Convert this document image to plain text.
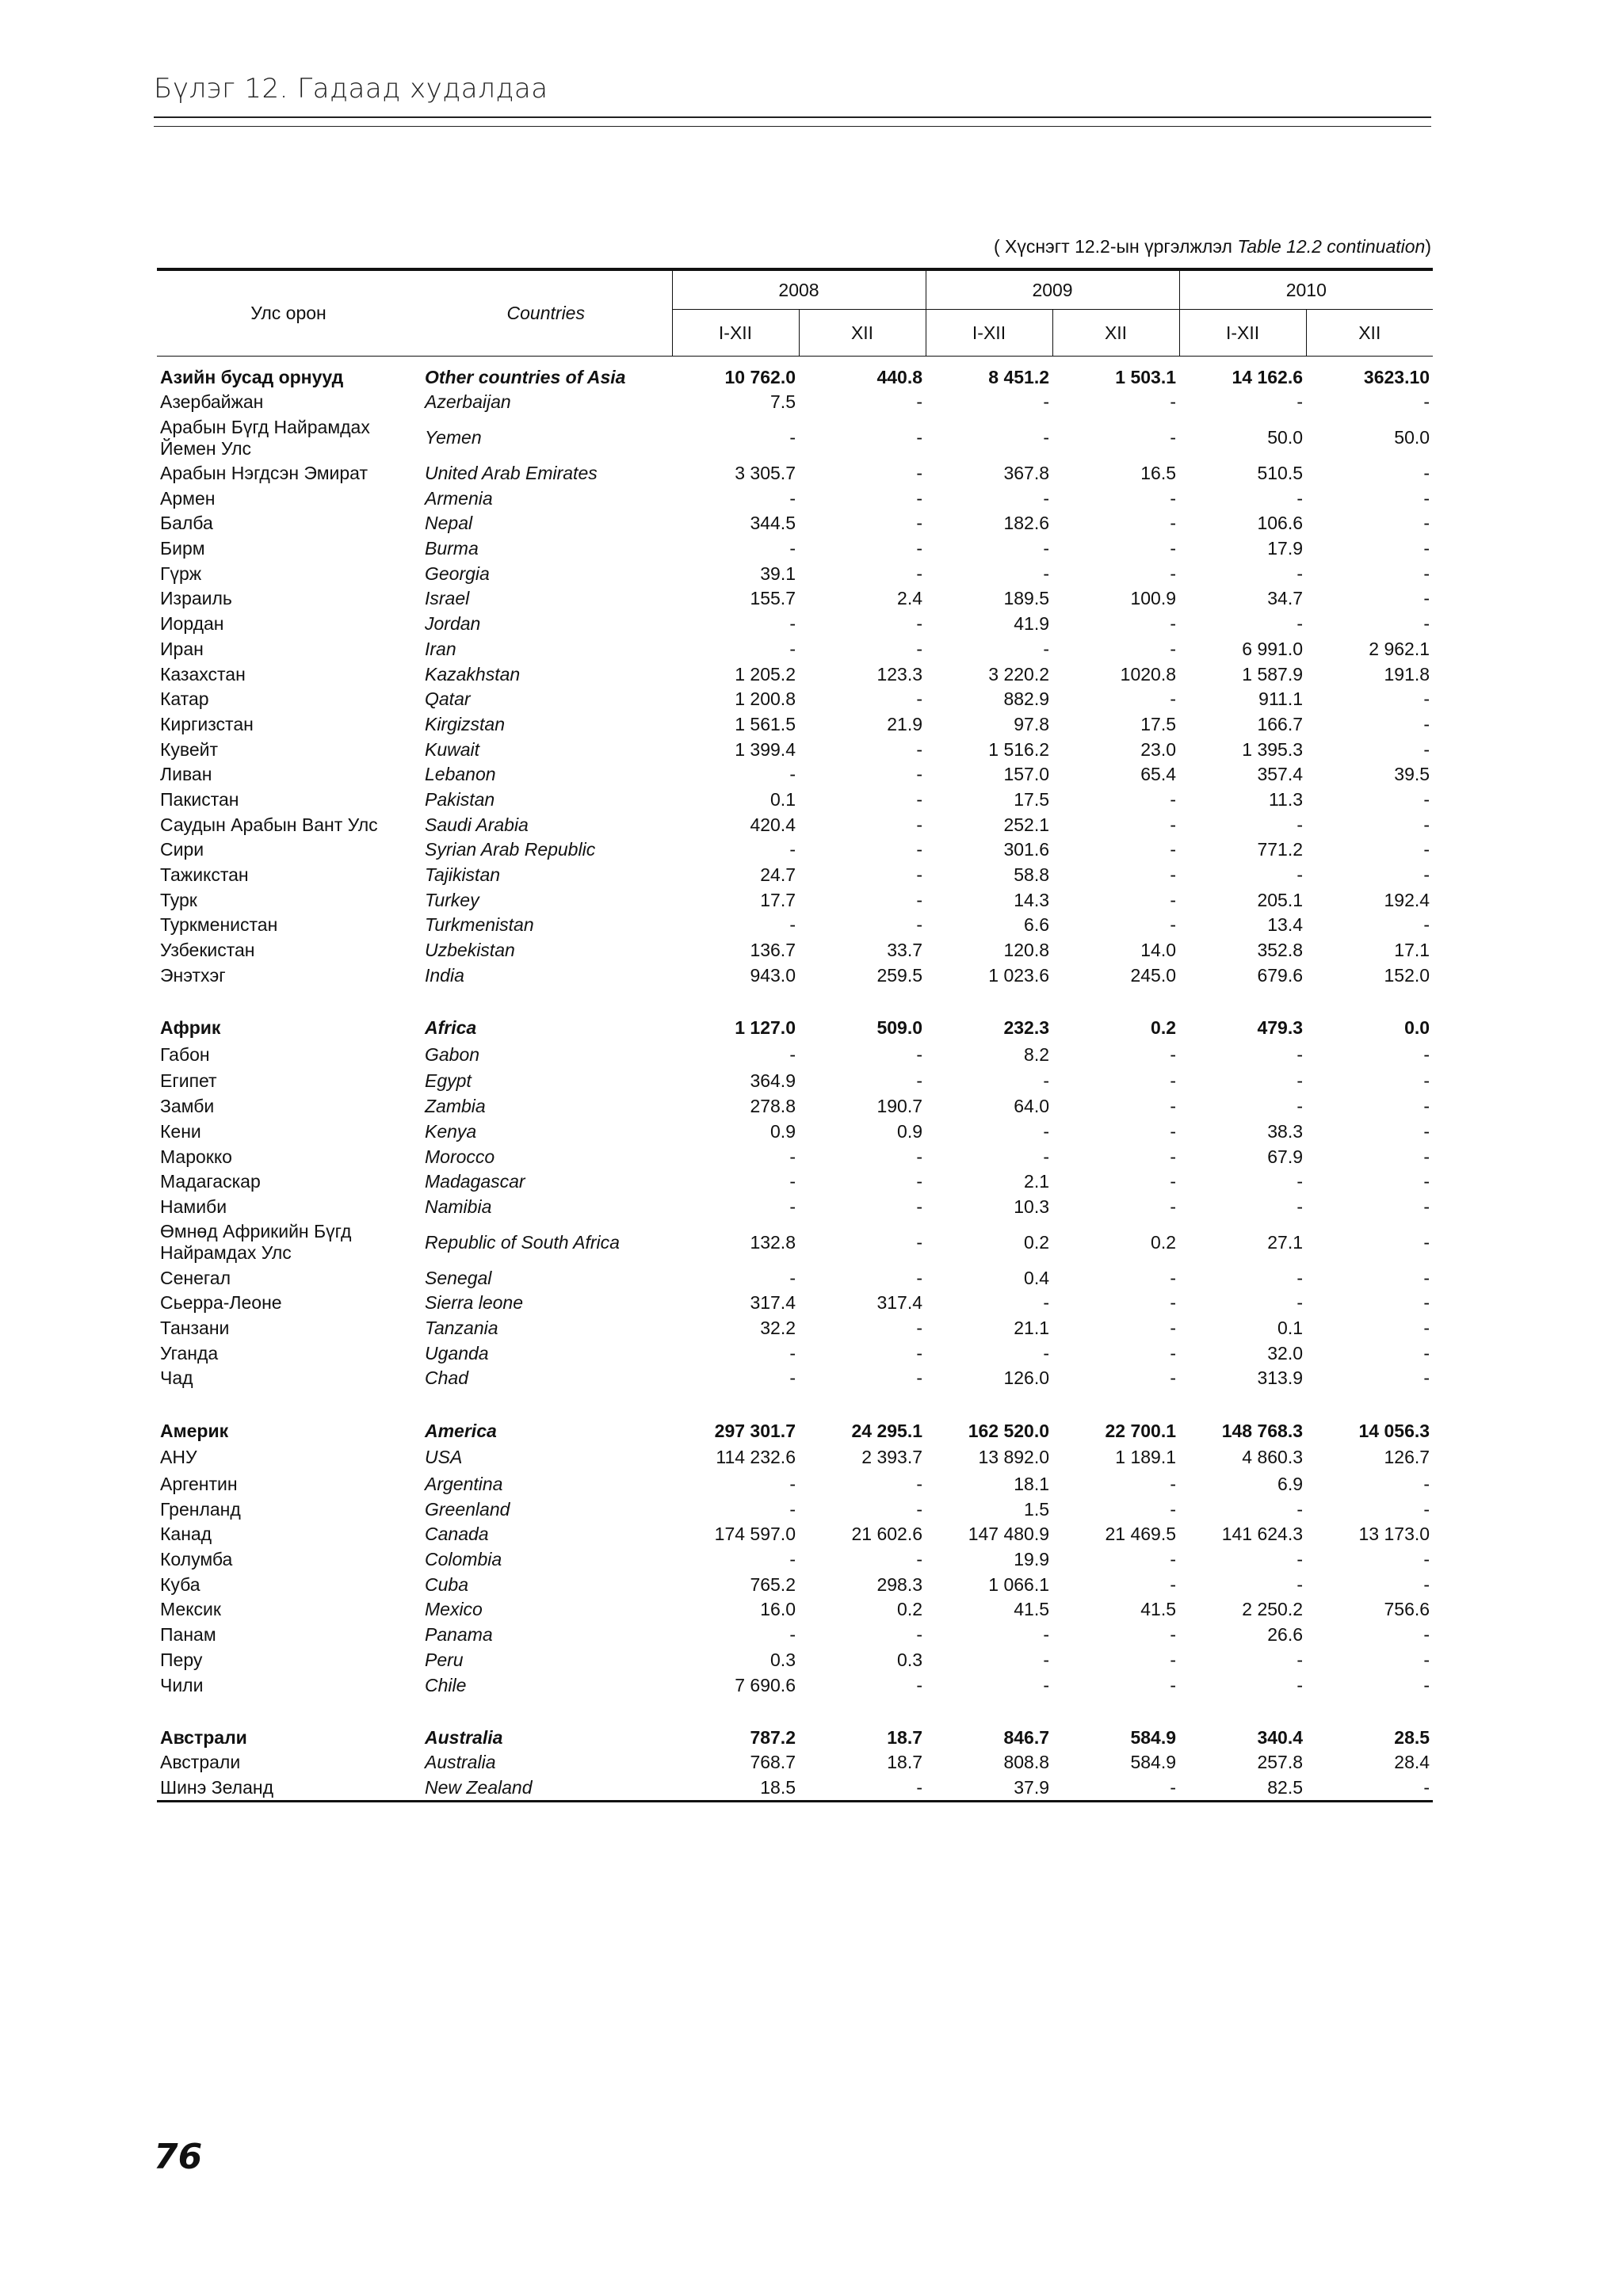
Бүлэг 12. Гадаад худалдаа
( Хүснэгт 12.2-ын үргэлжлэл Table 12.2 continuation)
Улс орон	Countries	2008		2009		2010	
		I-XII	XII	I-XII	XII	I-XII	XII
Азийн бусад орнууд	Other countries of Asia	10 762.0	440.8	8 451.2	1 503.1	14 162.6	3623.10
Азербайжан	Azerbaijan	7.5	-	-	-	-	-
Арабын Бүгд Найрамдах Йемен Улс	Yemen	-	-	-	-	50.0	50.0
Арабын Нэгдсэн Эмират	United Arab Emirates	3 305.7	-	367.8	16.5	510.5	-
Армен	Armenia	-	-	-	-	-	-
Балба	Nepal	344.5	-	182.6	-	106.6	-
Бирм	Burma	-	-	-	-	17.9	-
Гүрж	Georgia	39.1	-	-	-	-	-
Израиль	Israel	155.7	2.4	189.5	100.9	34.7	-
Иордан	Jordan	-	-	41.9	-	-	-
Иран	Iran	-	-	-	-	6 991.0	2 962.1
Казахстан	Kazakhstan	1 205.2	123.3	3 220.2	1020.8	1 587.9	191.8
Катар	Qatar	1 200.8	-	882.9	-	911.1	-
Киргизстан	Kirgizstan	1 561.5	21.9	97.8	17.5	166.7	-
Кувейт	Kuwait	1 399.4	-	1 516.2	23.0	1 395.3	-
Ливан	Lebanon	-	-	157.0	65.4	357.4	39.5
Пакистан	Pakistan	0.1	-	17.5	-	11.3	-
Саудын Арабын Вант Улс	Saudi Arabia	420.4	-	252.1	-	-	-
Сири	Syrian Arab Republic	-	-	301.6	-	771.2	-
Тажикстан	Tajikistan	24.7	-	58.8	-	-	-
Турк	Turkey	17.7	-	14.3	-	205.1	192.4
Туркменистан	Turkmenistan	-	-	6.6	-	13.4	-
Узбекистан	Uzbekistan	136.7	33.7	120.8	14.0	352.8	17.1
Энэтхэг	India	943.0	259.5	1 023.6	245.0	679.6	152.0

Африк	Africa	1 127.0	509.0	232.3	0.2	479.3	0.0
Габон	Gabon	-	-	8.2	-	-	-
Египет	Egypt	364.9	-	-	-	-	-
Замби	Zambia	278.8	190.7	64.0	-	-	-
Кени	Kenya	0.9	0.9	-	-	38.3	-
Марокко	Morocco	-	-	-	-	67.9	-
Мадагаскар	Madagascar	-	-	2.1	-	-	-
Намиби	Namibia	-	-	10.3	-	-	-
Өмнөд Африкийн Бүгд Найрамдах Улс	Republic of South Africa	132.8	-	0.2	0.2	27.1	-
Сенегал	Senegal	-	-	0.4	-	-	-
Сьерра-Леоне	Sierra leone	317.4	317.4	-	-	-	-
Танзани	Tanzania	32.2	-	21.1	-	0.1	-
Уганда	Uganda	-	-	-	-	32.0	-
Чад	Chad	-	-	126.0	-	313.9	-

Америк	America	297 301.7	24 295.1	162 520.0	22 700.1	148 768.3	14 056.3
АНУ	USA	114 232.6	2 393.7	13 892.0	1 189.1	4 860.3	126.7
Аргентин	Argentina	-	-	18.1	-	6.9	-
Гренланд	Greenland	-	-	1.5	-	-	-
Канад	Canada	174 597.0	21 602.6	147 480.9	21 469.5	141 624.3	13 173.0
Колумба	Colombia	-	-	19.9	-	-	-
Куба	Cuba	765.2	298.3	1 066.1	-	-	-
Мексик	Mexico	16.0	0.2	41.5	41.5	2 250.2	756.6
Панам	Panama	-	-	-	-	26.6	-
Перу	Peru	0.3	0.3	-	-	-	-
Чили	Chile	7 690.6	-	-	-	-	-

Австрали	Australia	787.2	18.7	846.7	584.9	340.4	28.5
Австрали	Australia	768.7	18.7	808.8	584.9	257.8	28.4
Шинэ Зеланд	New Zealand	18.5	-	37.9	-	82.5	-

76
